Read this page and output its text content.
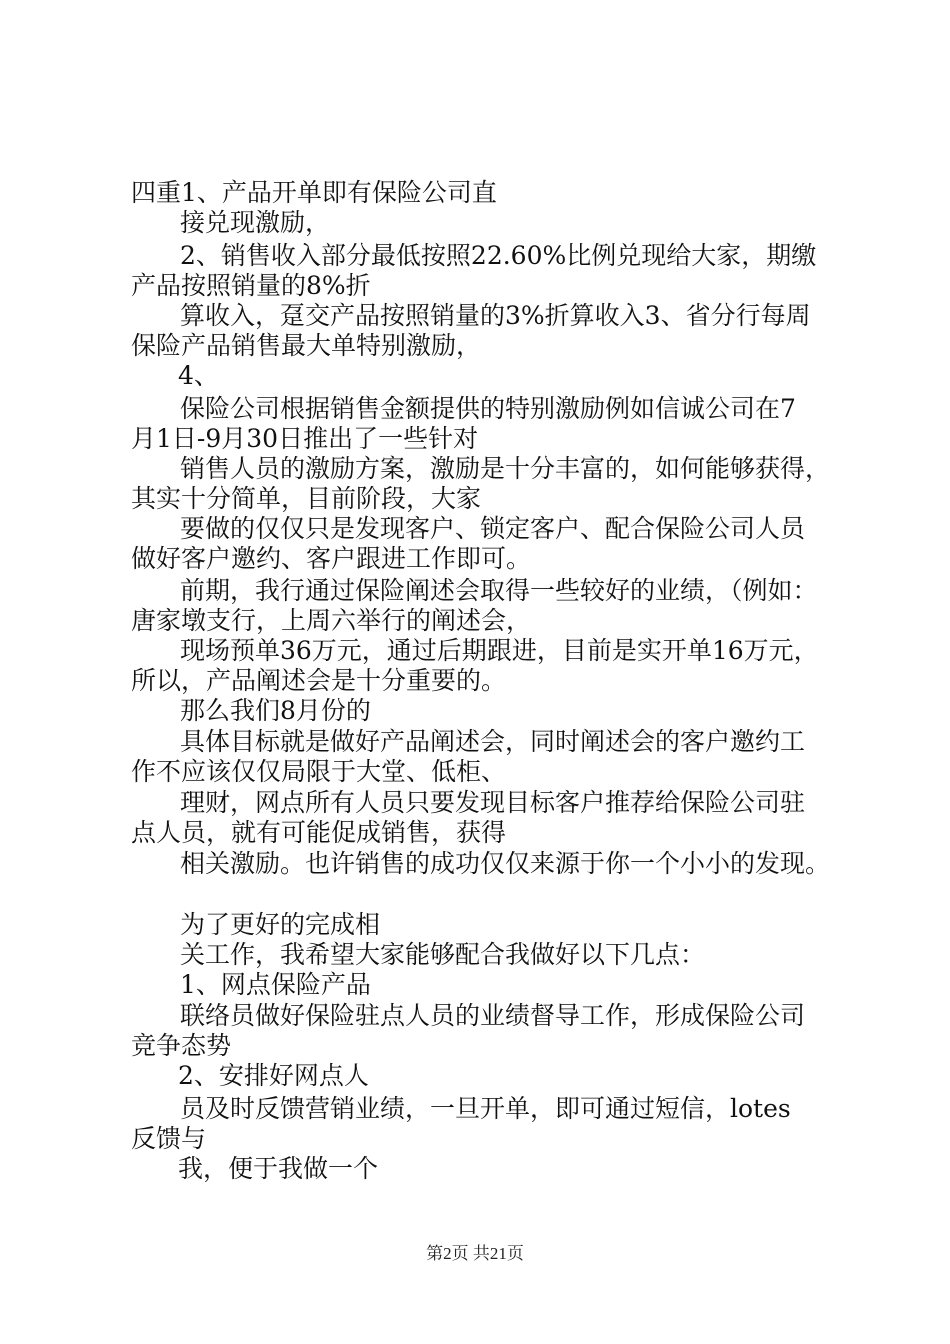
四重1、产品开单即有保险公司直
接兑现激励，
2、销售收入部分最低按照22.60%比例兑现给大家，期缴
产品按照销量的8%折
算收入，趸交产品按照销量的3%折算收入3、省分行每周
保险产品销售最大单特别激励，
4、
保险公司根据销售金额提供的特别激励例如信诚公司在7
月1日-9月30日推出了一些针对
销售人员的激励方案，激励是十分丰富的，如何能够获得，
其实十分简单，目前阶段，大家
要做的仅仅只是发现客户、锁定客户、配合保险公司人员
做好客户邀约、客户跟进工作即可。
前期，我行通过保险阐述会取得一些较好的业绩，（例如：
唐家墩支行，上周六举行的阐述会，
现场预单36万元，通过后期跟进，目前是实开单16万元，
所以，产品阐述会是十分重要的。
那么我们8月份的
具体目标就是做好产品阐述会，同时阐述会的客户邀约工
作不应该仅仅局限于大堂、低柜、
理财，网点所有人员只要发现目标客户推荐给保险公司驻
点人员，就有可能促成销售，获得
相关激励。也许销售的成功仅仅来源于你一个小小的发现。
为了更好的完成相
关工作，我希望大家能够配合我做好以下几点：
1、网点保险产品
联络员做好保险驻点人员的业绩督导工作，形成保险公司
竞争态势
2、安排好网点人
员及时反馈营销业绩，一旦开单，即可通过短信，lotes
反馈与
我，便于我做一个
第2页 共21页
